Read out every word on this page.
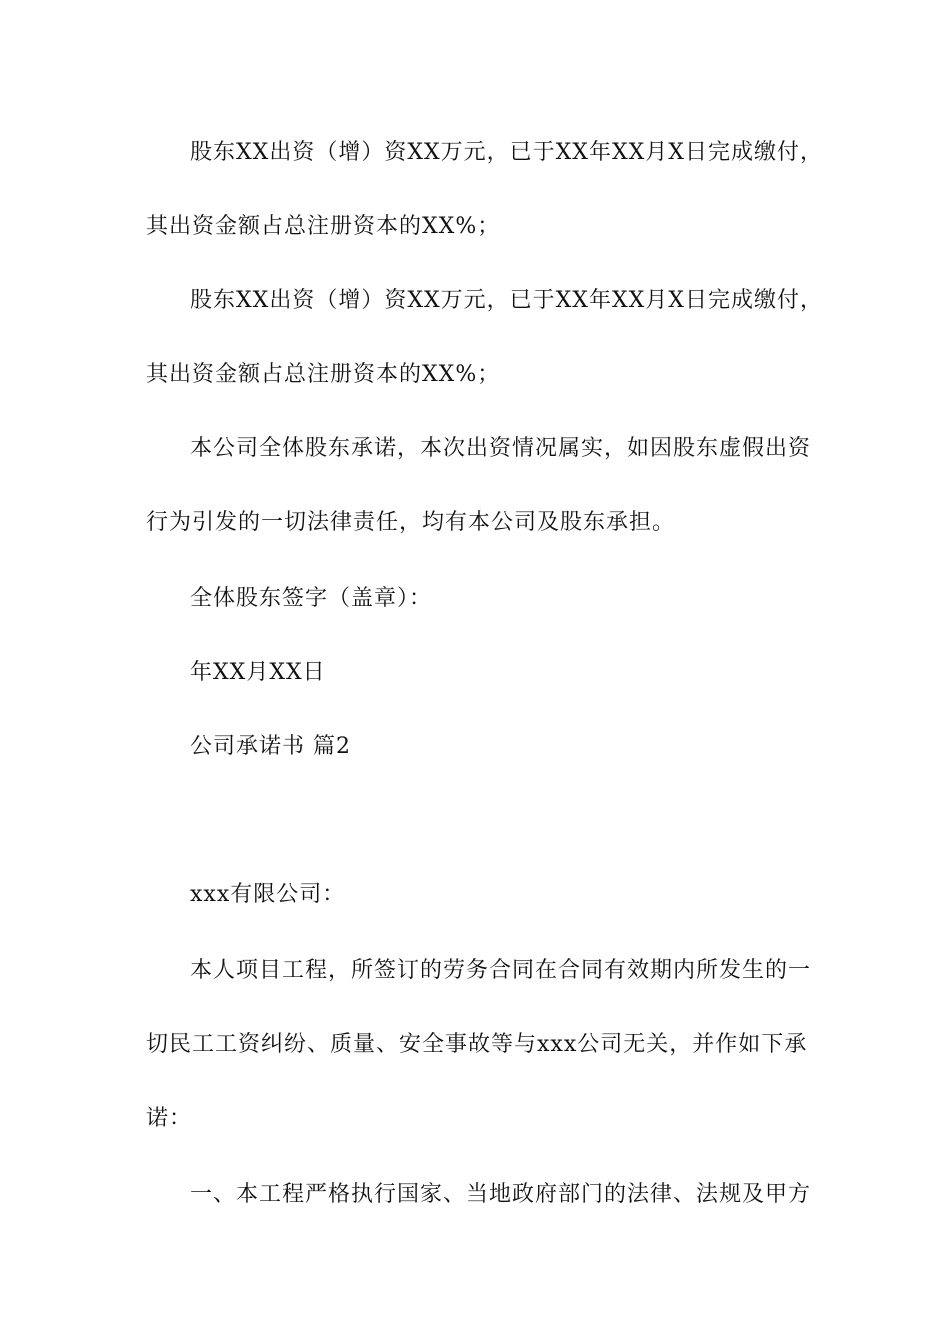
股东XX出资（增）资XX万元，已于XX年XX月X日完成缴付，
其出资金额占总注册资本的XX%；
股东XX出资（增）资XX万元，已于XX年XX月X日完成缴付，
其出资金额占总注册资本的XX%；
本公司全体股东承诺，本次出资情况属实，如因股东虚假出资
行为引发的一切法律责任，均有本公司及股东承担。
全体股东签字（盖章）：
年XX月XX日
公司承诺书 篇2
xxx有限公司：
本人项目工程，所签订的劳务合同在合同有效期内所发生的一
切民工工资纠纷、质量、安全事故等与xxx公司无关，并作如下承
诺：
一、本工程严格执行国家、当地政府部门的法律、法规及甲方
